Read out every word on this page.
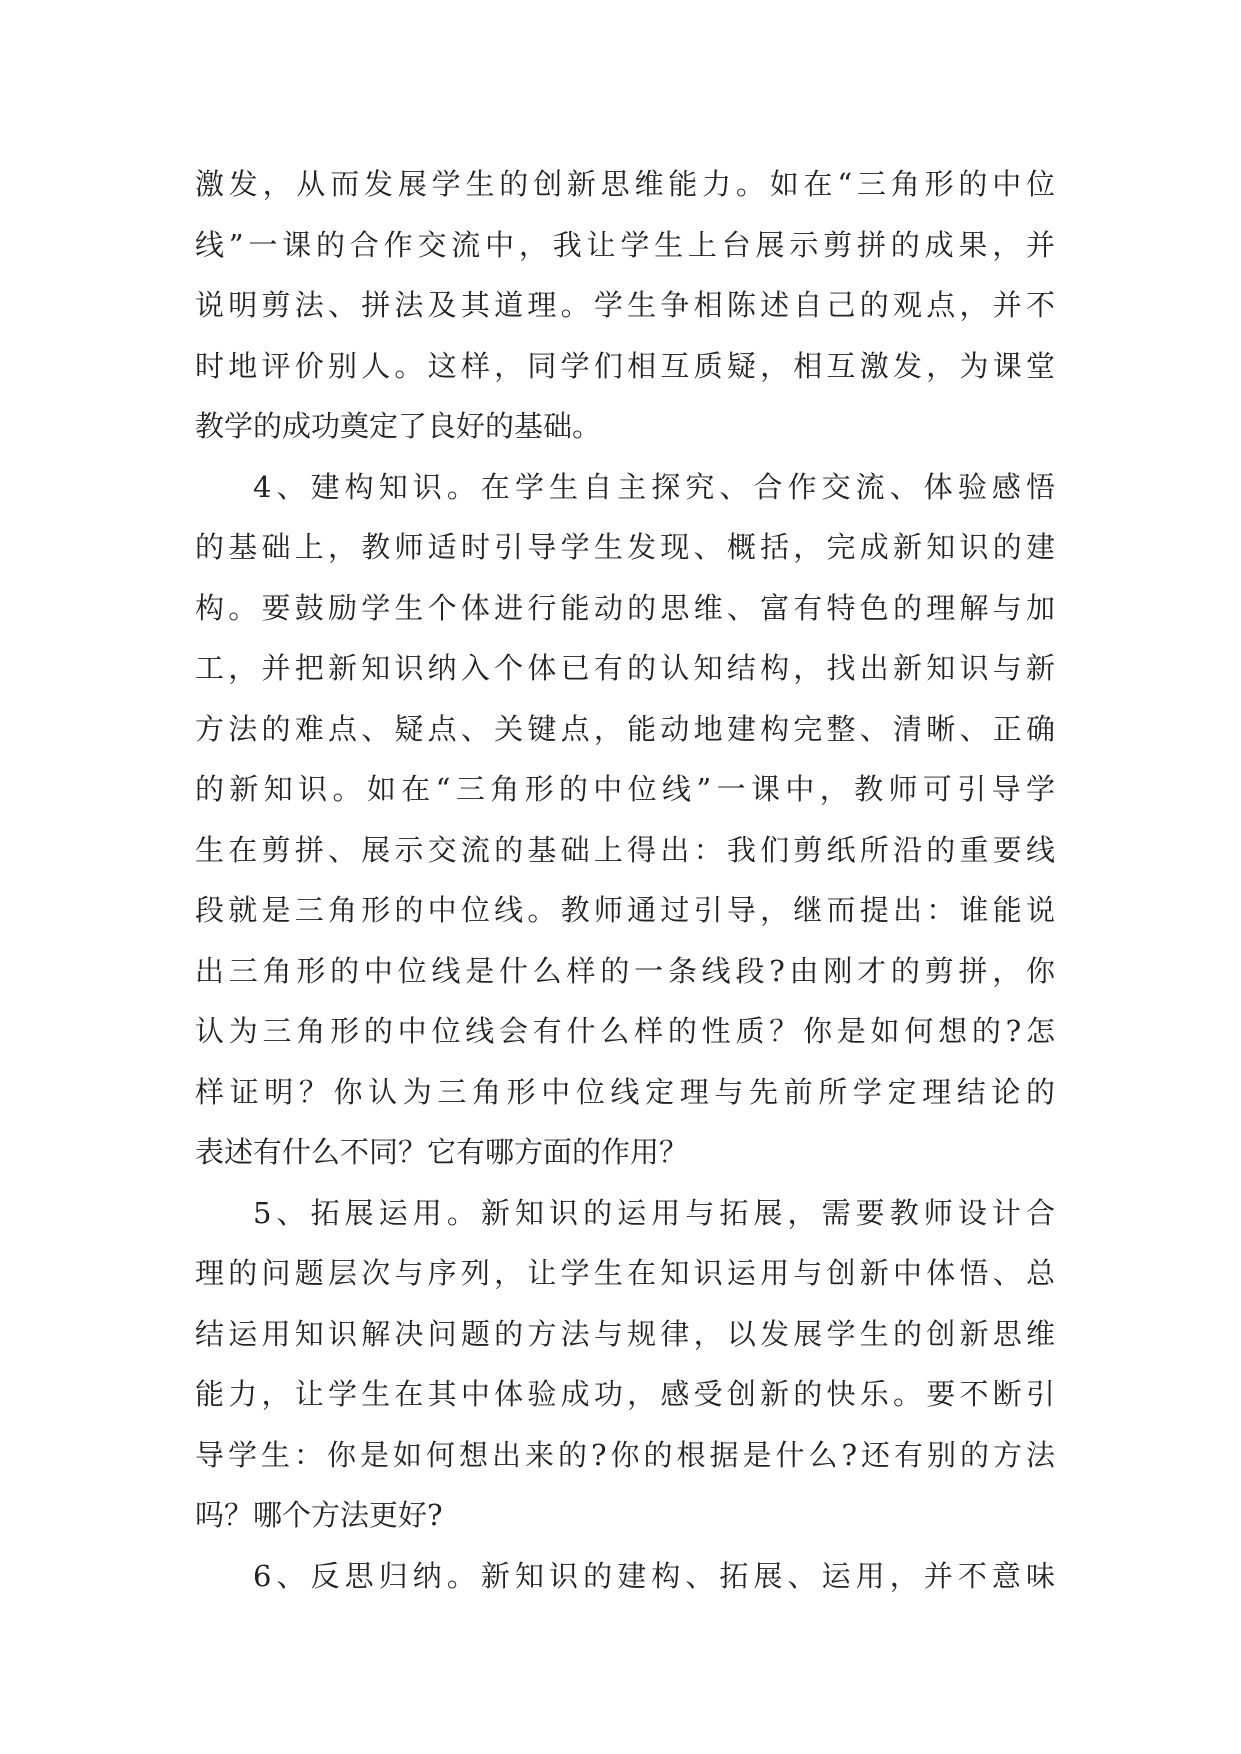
激发，从而发展学生的创新思维能力。如在“三角形的中位
线”一课的合作交流中，我让学生上台展示剪拼的成果，并
说明剪法、拼法及其道理。学生争相陈述自己的观点，并不
时地评价别人。这样，同学们相互质疑，相互激发，为课堂
教学的成功奠定了良好的基础。
4、建构知识。在学生自主探究、合作交流、体验感悟
的基础上，教师适时引导学生发现、概括，完成新知识的建
构。要鼓励学生个体进行能动的思维、富有特色的理解与加
工，并把新知识纳入个体已有的认知结构，找出新知识与新
方法的难点、疑点、关键点，能动地建构完整、清晰、正确
的新知识。如在“三角形的中位线”一课中，教师可引导学
生在剪拼、展示交流的基础上得出：我们剪纸所沿的重要线
段就是三角形的中位线。教师通过引导，继而提出：谁能说
出三角形的中位线是什么样的一条线段?由刚才的剪拼，你
认为三角形的中位线会有什么样的性质？你是如何想的?怎
样证明？你认为三角形中位线定理与先前所学定理结论的
表述有什么不同？它有哪方面的作用？
5、拓展运用。新知识的运用与拓展，需要教师设计合
理的问题层次与序列，让学生在知识运用与创新中体悟、总
结运用知识解决问题的方法与规律，以发展学生的创新思维
能力，让学生在其中体验成功，感受创新的快乐。要不断引
导学生：你是如何想出来的?你的根据是什么?还有别的方法
吗？哪个方法更好?
6、反思归纳。新知识的建构、拓展、运用，并不意味
